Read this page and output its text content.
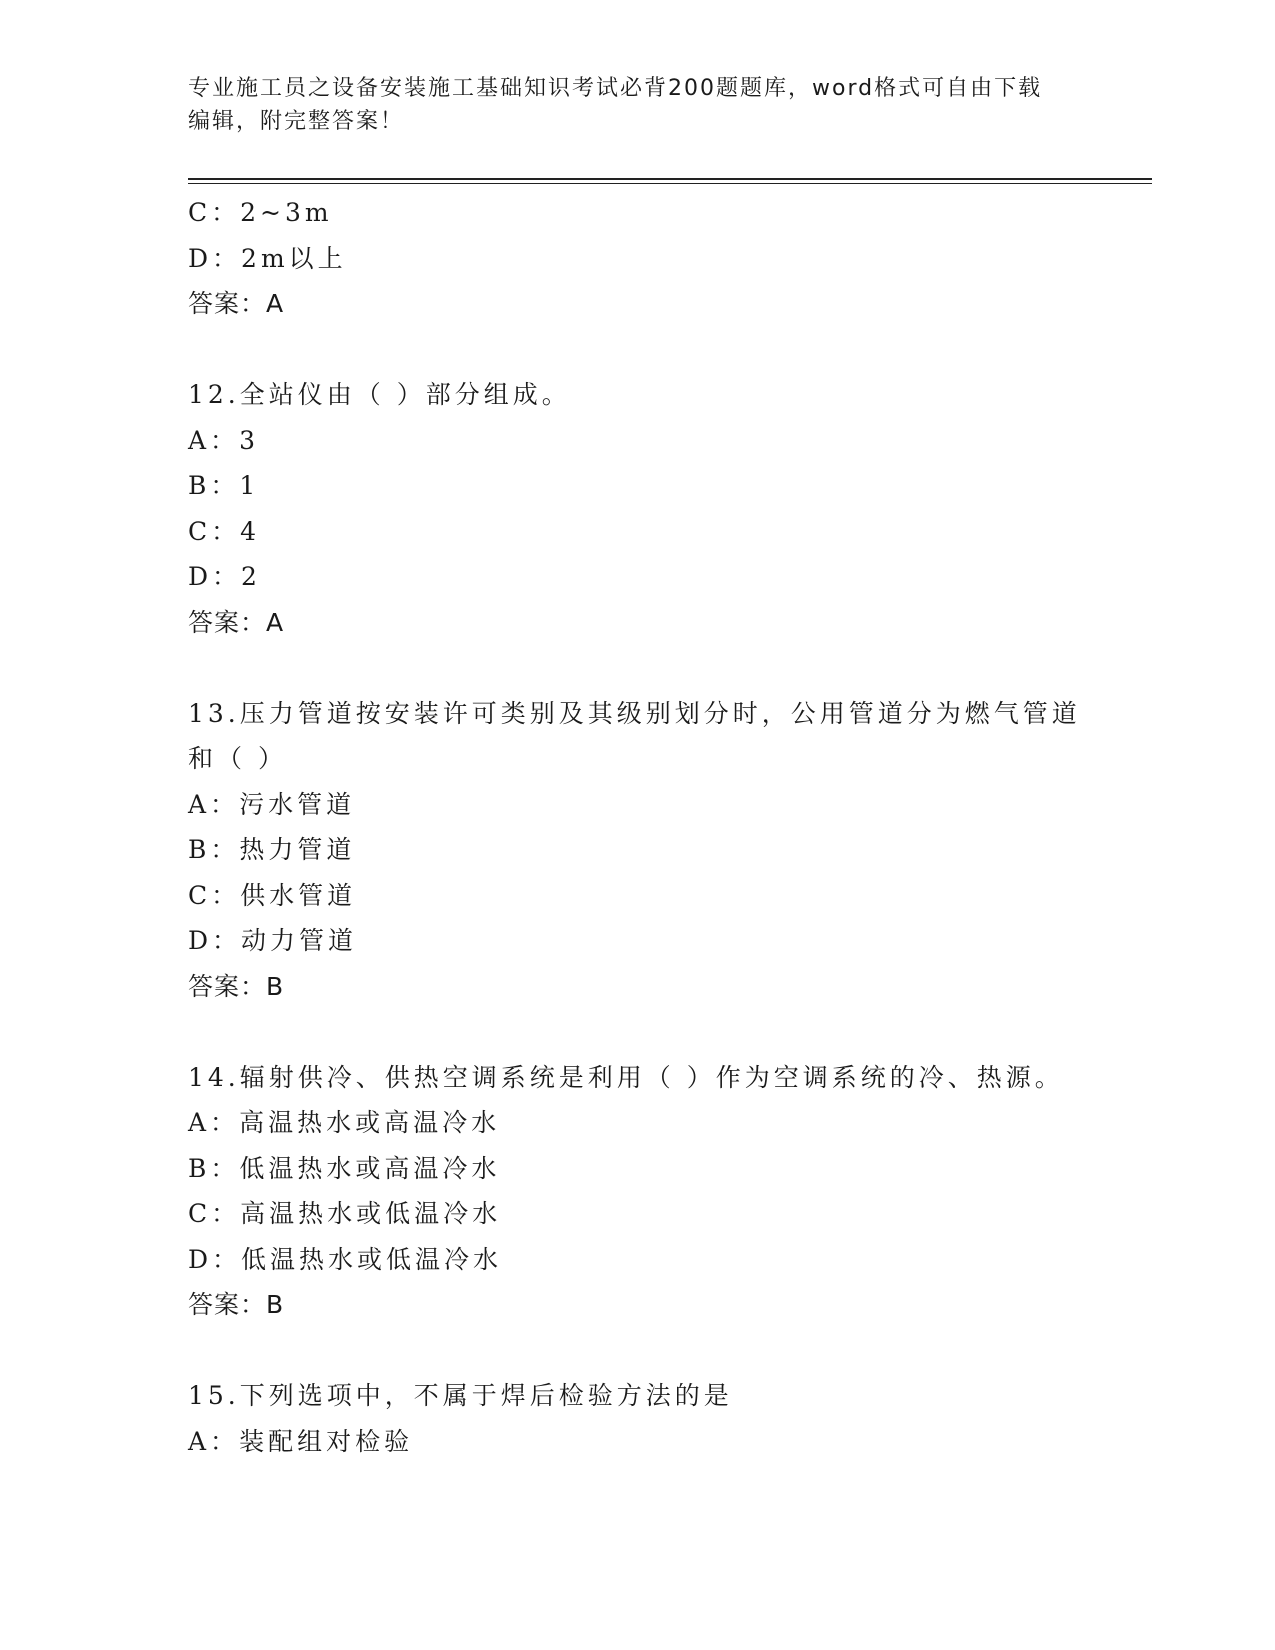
专业施工员之设备安装施工基础知识考试必背200题题库，word格式可自由下载
编辑，附完整答案！
C：2~3m
D：2m以上
答案：A
12.全站仪由（ ）部分组成。
A：3
B：1
C：4
D：2
答案：A
13.压力管道按安装许可类别及其级别划分时，公用管道分为燃气管道
和（ ）
A：污水管道
B：热力管道
C：供水管道
D：动力管道
答案：B
14.辐射供冷、供热空调系统是利用（ ）作为空调系统的冷、热源。
A：高温热水或高温冷水
B：低温热水或高温冷水
C：高温热水或低温冷水
D：低温热水或低温冷水
答案：B
15.下列选项中，不属于焊后检验方法的是
A：装配组对检验
